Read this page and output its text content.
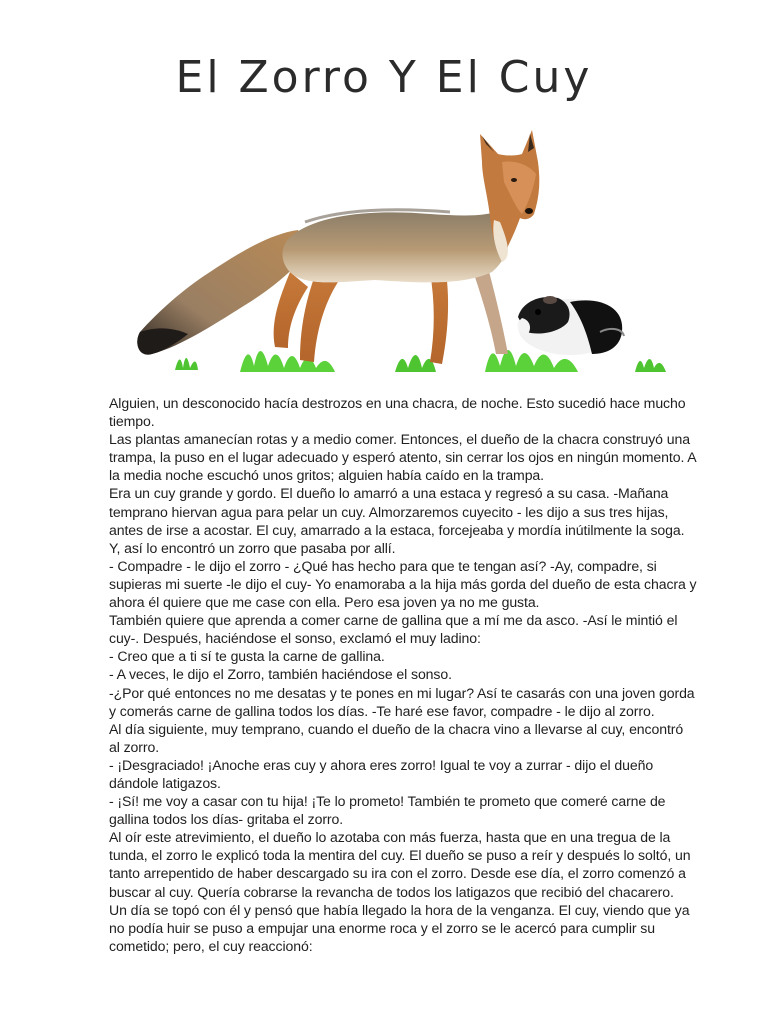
El Zorro Y El Cuy

Alguien, un desconocido hacía destrozos en una chacra, de noche. Esto sucedió hace mucho tiempo.

Las plantas amanecían rotas y a medio comer. Entonces, el dueño de la chacra construyó una trampa, la puso en el lugar adecuado y esperó atento, sin cerrar los ojos en ningún momento. A la media noche escuchó unos gritos; alguien había caído en la trampa.

Era un cuy grande y gordo. El dueño lo amarró a una estaca y regresó a su casa. -Mañana temprano hiervan agua para pelar un cuy. Almorzaremos cuyecito - les dijo a sus tres hijas, antes de irse a acostar. El cuy, amarrado a la estaca, forcejeaba y mordía inútilmente la soga. Y, así lo encontró un zorro que pasaba por allí.

- Compadre - le dijo el zorro - ¿Qué has hecho para que te tengan así? -Ay, compadre, si supieras mi suerte -le dijo el cuy- Yo enamoraba a la hija más gorda del dueño de esta chacra y ahora él quiere que me case con ella. Pero esa joven ya no me gusta.

También quiere que aprenda a comer carne de gallina que a mí me da asco. -Así le mintió el cuy-. Después, haciéndose el sonso, exclamó el muy ladino:

- Creo que a ti sí te gusta la carne de gallina.

- A veces, le dijo el Zorro, también haciéndose el sonso.

-¿Por qué entonces no me desatas y te pones en mi lugar? Así te casarás con una joven gorda y comerás carne de gallina todos los días. -Te haré ese favor, compadre - le dijo al zorro.

Al día siguiente, muy temprano, cuando el dueño de la chacra vino a llevarse al cuy, encontró al zorro.

- ¡Desgraciado! ¡Anoche eras cuy y ahora eres zorro! Igual te voy a zurrar - dijo el dueño dándole latigazos.

- ¡Sí! me voy a casar con tu hija! ¡Te lo prometo! También te prometo que comeré carne de gallina todos los días- gritaba el zorro.

Al oír este atrevimiento, el dueño lo azotaba con más fuerza, hasta que en una tregua de la tunda, el zorro le explicó toda la mentira del cuy. El dueño se puso a reír y después lo soltó, un tanto arrepentido de haber descargado su ira con el zorro. Desde ese día, el zorro comenzó a buscar al cuy. Quería cobrarse la revancha de todos los latigazos que recibió del chacarero.

Un día se topó con él y pensó que había llegado la hora de la venganza. El cuy, viendo que ya no podía huir se puso a empujar una enorme roca y el zorro se le acercó para cumplir su cometido; pero, el cuy reaccionó:
